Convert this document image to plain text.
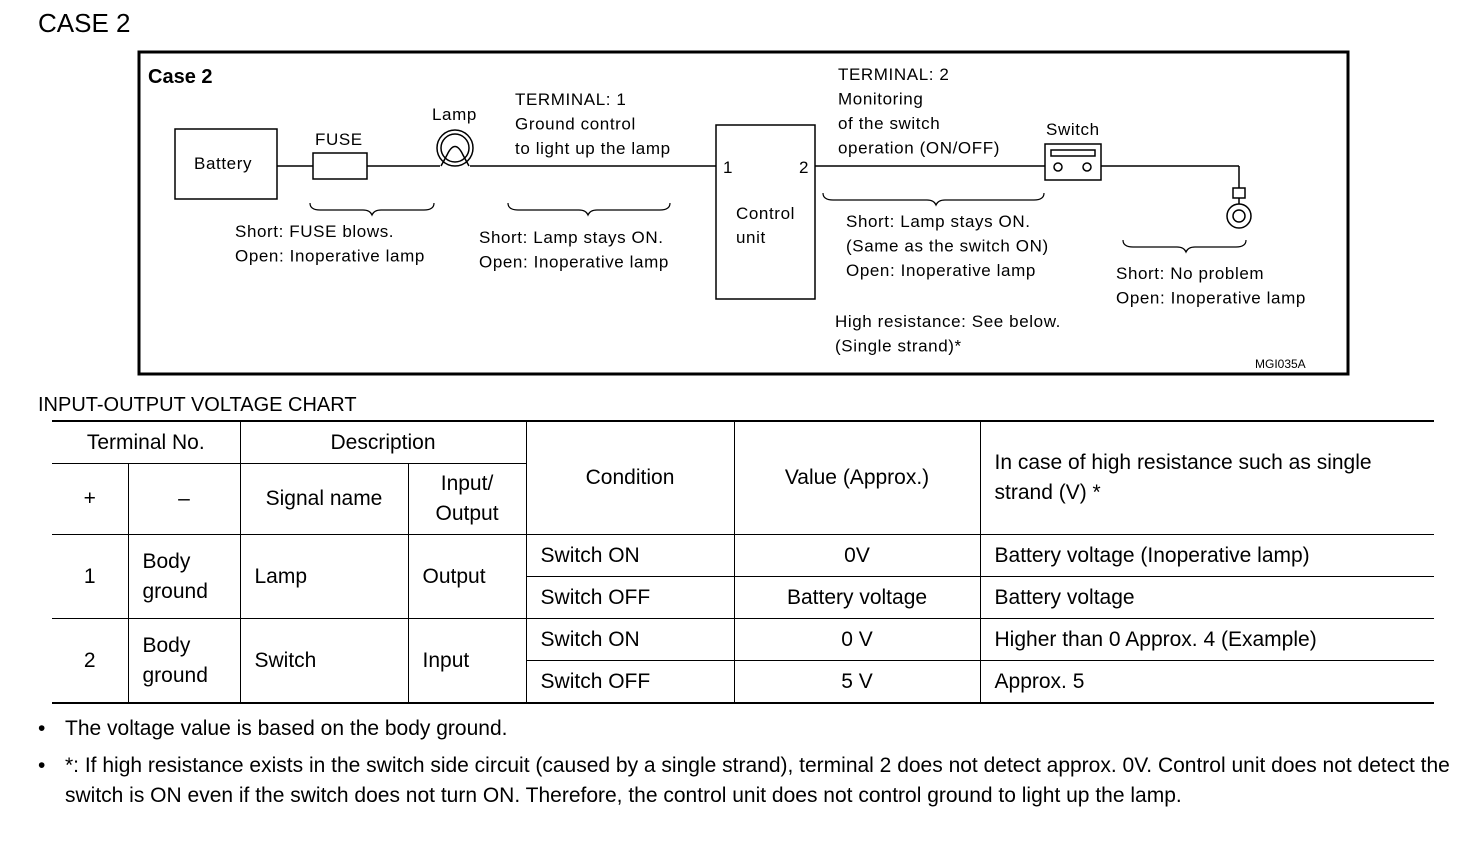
CASE 2
Case 2
Battery
FUSE
Lamp
TERMINAL: 1 Ground control to light up the lamp
1	2
Control unit
TERMINAL: 2 Monitoring of the switch operation (ON/OFF)
Switch
Short: FUSE blows. Open: Inoperative lamp
Short: Lamp stays ON. Open: Inoperative lamp
Short: Lamp stays ON. (Same as the switch ON) Open: Inoperative lamp	Short: No problem Open: Inoperative lamp
High resistance: See below. (Single strand)*
MGI035A
INPUT-OUTPUT VOLTAGE CHART
Terminal No.		Description		Condition	Value (Approx.)	In case of high resistance such as single strand (V) *
+	–	Signal name	Input/ Output			
1	Body ground	Lamp	Output	Switch ON	0V	Battery voltage (Inoperative lamp)
				Switch OFF	Battery voltage	Battery voltage
2	Body ground	Switch	Input	Switch ON	0 V	Higher than 0 Approx. 4 (Example)
				Switch OFF	5 V	Approx. 5
• The voltage value is based on the body ground.
• *: If high resistance exists in the switch side circuit (caused by a single strand), terminal 2 does not detect approx. 0V. Control unit does not detect the switch is ON even if the switch does not turn ON. Therefore, the control unit does not control ground to light up the lamp.
